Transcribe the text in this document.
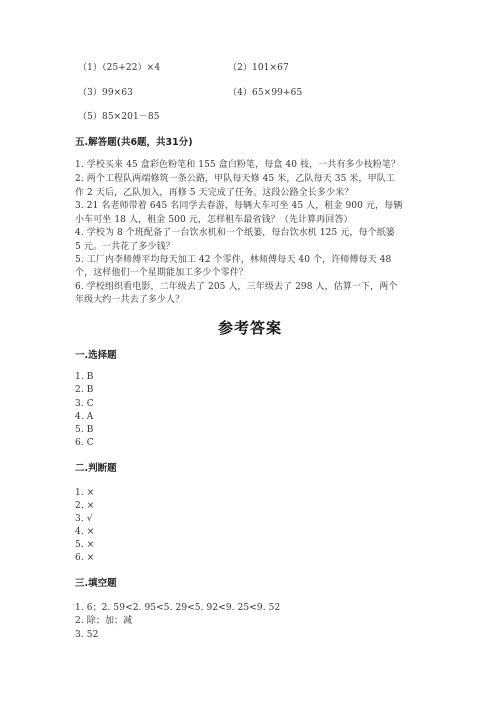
（1）（25+22）×4	（2）101×67
（3）99×63	（4）65×99+65
（5）85×201－85
五.解答题(共6题，共31分)
1. 学校买来 45 盒彩色粉笔和 155 盒白粉笔，每盒 40 枝，一共有多少枝粉笔？
2. 两个工程队两端修筑一条公路，甲队每天修 45 米，乙队每天 35 米，甲队工
作 2 天后，乙队加入，再修 5 天完成了任务。这段公路全长多少米？
3. 21 名老师带着 645 名同学去春游，每辆大车可坐 45 人，租金 900 元，每辆
小车可坐 18 人，租金 500 元，怎样租车最省钱？（先计算再回答）
4. 学校为 8 个班配备了一台饮水机和一个纸篓，每台饮水机 125 元，每个纸篓
5 元。一共花了多少钱？
5. 工厂内李师傅平均每天加工 42 个零件，林师傅每天 40 个，许师傅每天 48
个，这样他们一个星期能加工多少个零件？
6. 学校组织看电影，二年级去了 205 人，三年级去了 298 人，估算一下，两个
年级大约一共去了多少人？
参考答案
一.选择题
1. B
2. B
3. C
4. A
5. B
6. C
二.判断题
1. ×
2. ×
3. √
4. ×
5. ×
6. ×
三.填空题
1. 6；2. 59<2. 95<5. 29<5. 92<9. 25<9. 52
2. 除；加；减
3. 52
